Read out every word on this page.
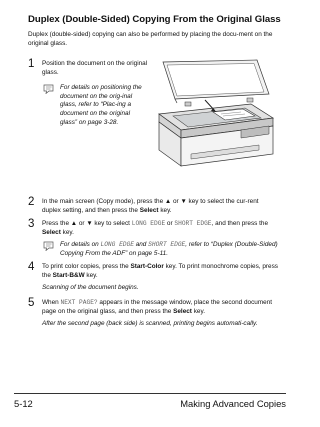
Duplex (Double-Sided) Copying From the Original Glass
Duplex (double-sided) copying can also be performed by placing the docu-ment on the original glass.
1 Position the document on the original glass.
For details on positioning the document on the orig-inal glass, refer to “Plac-ing a document on the original glass” on page 3-28.
2 In the main screen (Copy mode), press the ▲ or ▼ key to select the cur-rent duplex setting, and then press the Select key.
3 Press the ▲ or ▼ key to select LONG EDGE or SHORT EDGE, and then press the Select key.
For details on LONG EDGE and SHORT EDGE, refer to “Duplex (Double-Sided) Copying From the ADF” on page 5-11.
4 To print color copies, press the Start-Color key. To print monochrome copies, press the Start-B&W key.
Scanning of the document begins.
5 When NEXT PAGE? appears in the message window, place the second document page on the original glass, and then press the Select key.
After the second page (back side) is scanned, printing begins automati-cally.
5-12	Making Advanced Copies
